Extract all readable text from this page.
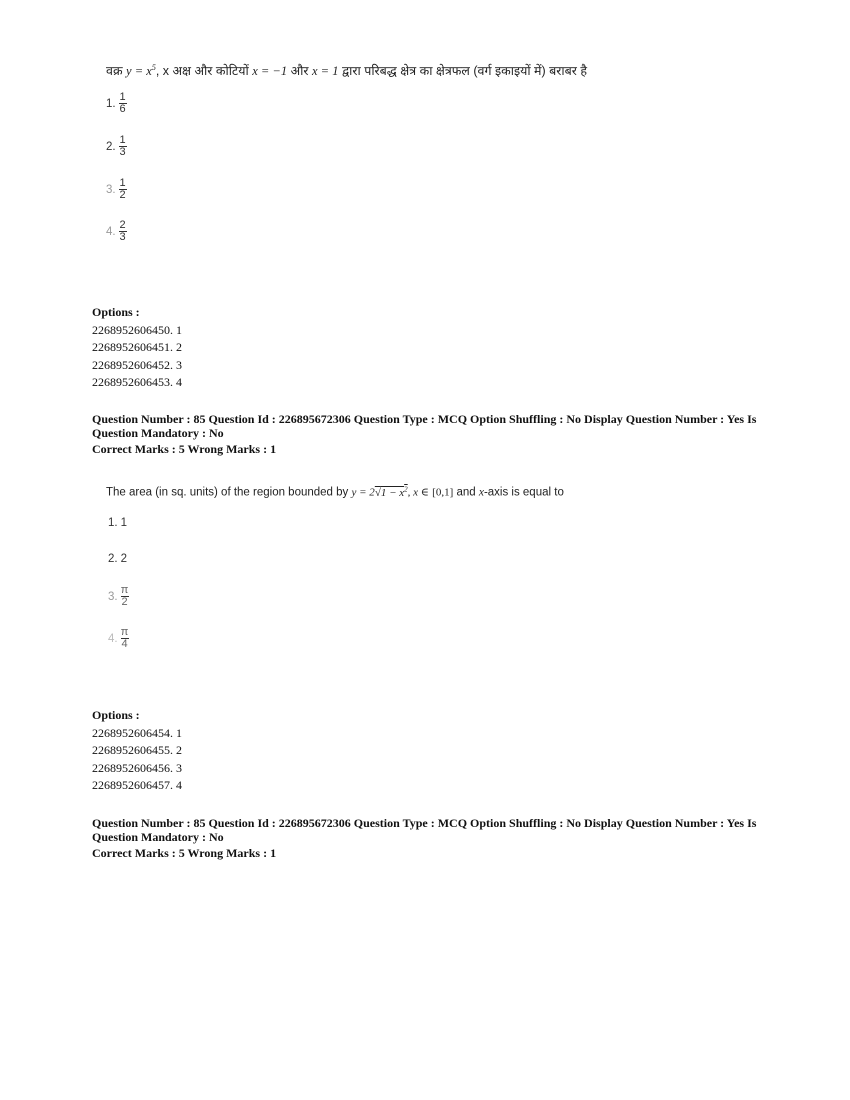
वक्र $y = x^5$, x अक्ष और कोटियों x = −1 और x = 1 द्वारा परिबद्ध क्षेत्र का क्षेत्रफल (वर्ग इकाइयों में) बराबर है
1. $\frac{1}{6}$
2. $\frac{1}{3}$
3. $\frac{1}{2}$
4. $\frac{2}{3}$
Options :
2268952606450. 1
2268952606451. 2
2268952606452. 3
2268952606453. 4
Question Number : 85 Question Id : 226895672306 Question Type : MCQ Option Shuffling : No Display Question Number : Yes Is
Question Mandatory : No
Correct Marks : 5 Wrong Marks : 1
The area (in sq. units) of the region bounded by $y = 2√1 - x^2$, x ∈ [0,1] and x-axis is equal to
1. 1
2. 2
3. $\frac{\pi}{2}$
4. $\frac{\pi}{4}$
Options :
2268952606454. 1
2268952606455. 2
2268952606456. 3
2268952606457. 4
Question Number : 85 Question Id : 226895672306 Question Type : MCQ Option Shuffling : No Display Question Number : Yes Is
Question Mandatory : No
Correct Marks : 5 Wrong Marks : 1
